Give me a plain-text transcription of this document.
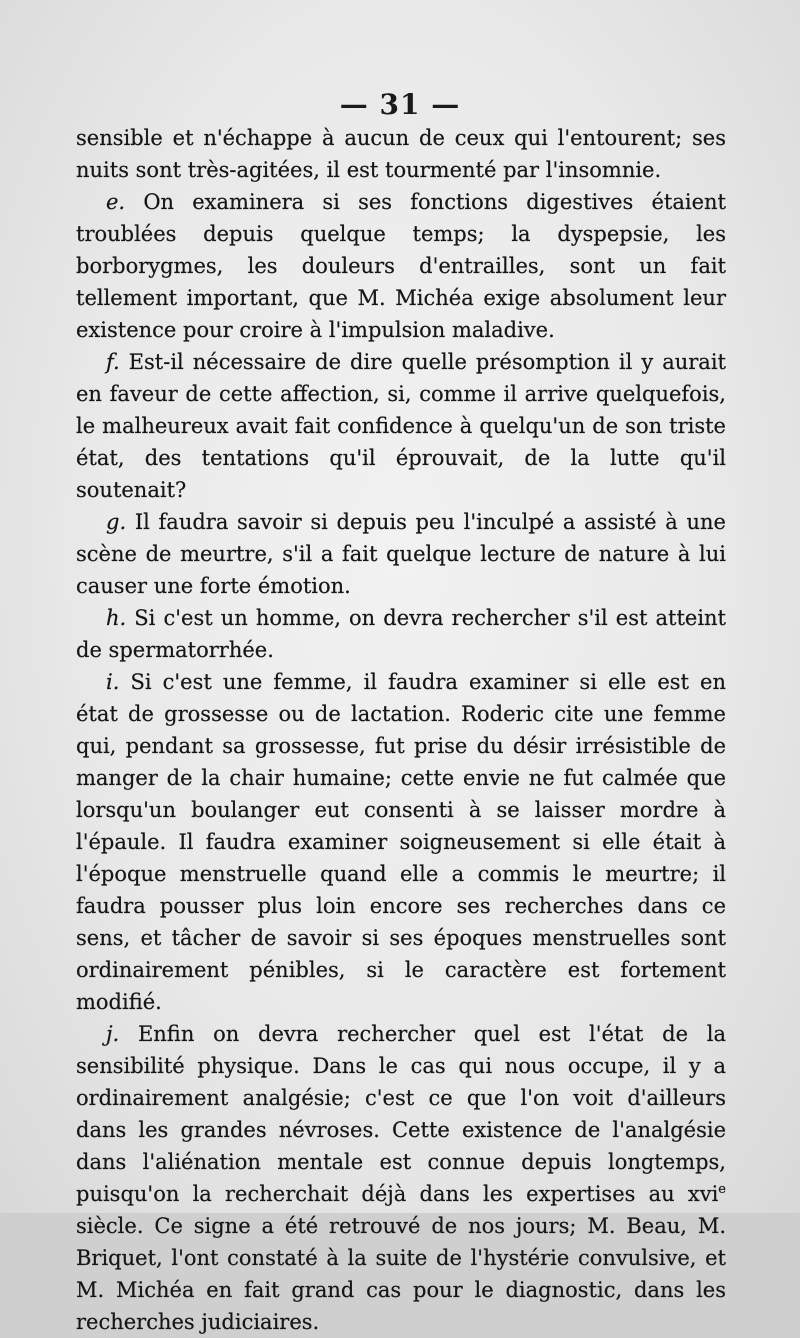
— 31 —

sensible et n'échappe à aucun de ceux qui l'entourent; ses nuits sont très-agitées, il est tourmenté par l'insomnie.

e. On examinera si ses fonctions digestives étaient troublées depuis quelque temps; la dyspepsie, les borborygmes, les douleurs d'entrailles, sont un fait tellement important, que M. Michéa exige absolument leur existence pour croire à l'impulsion maladive.

f. Est-il nécessaire de dire quelle présomption il y aurait en faveur de cette affection, si, comme il arrive quelquefois, le malheureux avait fait confidence à quelqu'un de son triste état, des tentations qu'il éprouvait, de la lutte qu'il soutenait?

g. Il faudra savoir si depuis peu l'inculpé a assisté à une scène de meurtre, s'il a fait quelque lecture de nature à lui causer une forte émotion.

h. Si c'est un homme, on devra rechercher s'il est atteint de spermatorrhée.

i. Si c'est une femme, il faudra examiner si elle est en état de grossesse ou de lactation. Roderic cite une femme qui, pendant sa grossesse, fut prise du désir irrésistible de manger de la chair humaine; cette envie ne fut calmée que lorsqu'un boulanger eut consenti à se laisser mordre à l'épaule. Il faudra examiner soigneusement si elle était à l'époque menstruelle quand elle a commis le meurtre; il faudra pousser plus loin encore ses recherches dans ce sens, et tâcher de savoir si ses époques menstruelles sont ordinairement pénibles, si le caractère est fortement modifié.

j. Enfin on devra rechercher quel est l'état de la sensibilité physique. Dans le cas qui nous occupe, il y a ordinairement analgésie; c'est ce que l'on voit d'ailleurs dans les grandes névroses. Cette existence de l'analgésie dans l'aliénation mentale est connue depuis longtemps, puisqu'on la recherchait déjà dans les expertises au xvi$^e$ siècle. Ce signe a été retrouvé de nos jours; M. Beau, M. Briquet, l'ont constaté à la suite de l'hystérie convulsive, et M. Michéa en fait grand cas pour le diagnostic, dans les recherches judiciaires.
